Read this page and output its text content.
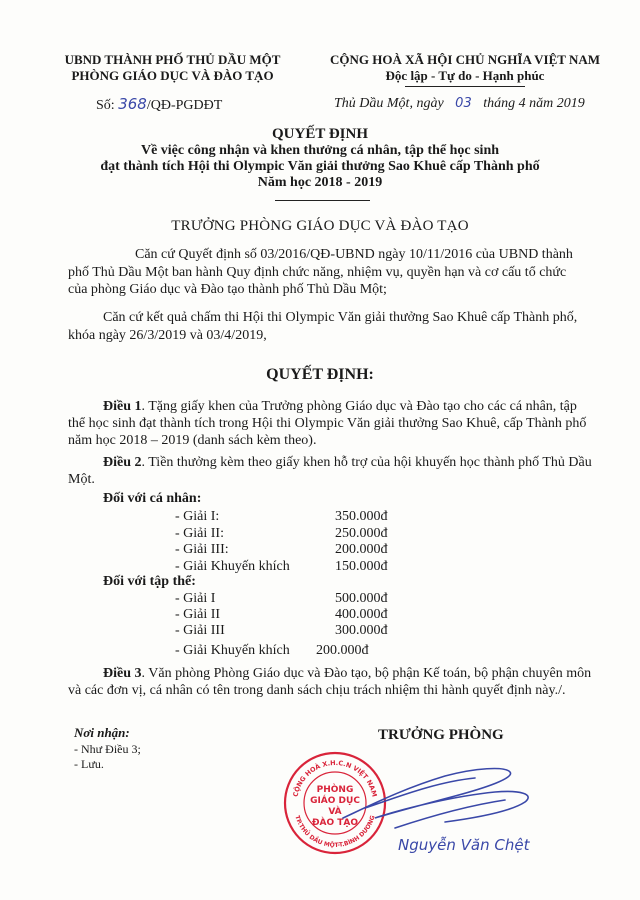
UBND THÀNH PHỐ THỦ DẦU MỘT
PHÒNG GIÁO DỤC VÀ ĐÀO TẠO
CỘNG HOÀ XÃ HỘI CHỦ NGHĨA VIỆT NAM
Độc lập - Tự do - Hạnh phúc
Số: 368/QĐ-PGDĐT	Thủ Dầu Một, ngày 03 tháng 4 năm 2019
QUYẾT ĐỊNH
Về việc công nhận và khen thưởng cá nhân, tập thể học sinh
đạt thành tích Hội thi Olympic Văn giải thưởng Sao Khuê cấp Thành phố
Năm học 2018 - 2019
TRƯỞNG PHÒNG GIÁO DỤC VÀ ĐÀO TẠO
Căn cứ Quyết định số 03/2016/QĐ-UBND ngày 10/11/2016 của UBND thành
phố Thủ Dầu Một ban hành Quy định chức năng, nhiệm vụ, quyền hạn và cơ cấu tổ chức
của phòng Giáo dục và Đào tạo thành phố Thủ Dầu Một;
Căn cứ kết quả chấm thi Hội thi Olympic Văn giải thưởng Sao Khuê cấp Thành phố,
khóa ngày 26/3/2019 và 03/4/2019,
QUYẾT ĐỊNH:
Điều 1. Tặng giấy khen của Trưởng phòng Giáo dục và Đào tạo cho các cá nhân, tập
thể học sinh đạt thành tích trong Hội thi Olympic Văn giải thưởng Sao Khuê, cấp Thành phố
năm học 2018 – 2019 (danh sách kèm theo).
Điều 2. Tiền thưởng kèm theo giấy khen hỗ trợ của hội khuyến học thành phố Thủ Dầu
Một.
Đối với cá nhân:
- Giải I:	350.000đ
- Giải II:	250.000đ
- Giải III:	200.000đ
- Giải Khuyến khích	150.000đ
Đối với tập thể:
- Giải I	500.000đ
- Giải II	400.000đ
- Giải III	300.000đ
- Giải Khuyến khích 200.000đ
Điều 3. Văn phòng Phòng Giáo dục và Đào tạo, bộ phận Kế toán, bộ phận chuyên môn
và các đơn vị, cá nhân có tên trong danh sách chịu trách nhiệm thi hành quyết định này./.
Nơi nhận:
- Như Điều 3;
- Lưu.
TRƯỞNG PHÒNG
CỘNG HOÀ X.H.C.N VIỆT NAM
TP.THỦ DẦU MỘT-T.BÌNH DƯƠNG
PHÒNG
GIÁO DỤC
VÀ
ĐÀO TẠO
Nguyễn Văn Chệt
